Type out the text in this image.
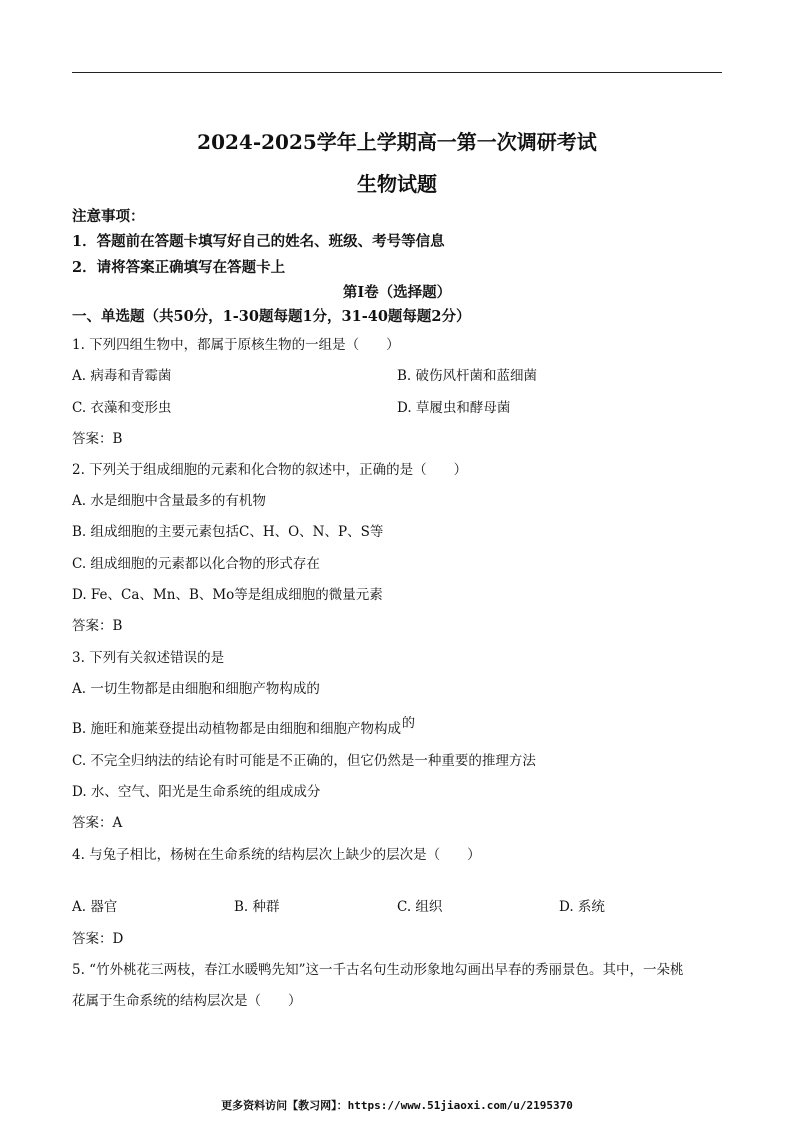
2024-2025学年上学期高一第一次调研考试
生物试题
注意事项：
1．答题前在答题卡填写好自己的姓名、班级、考号等信息
2．请将答案正确填写在答题卡上
第Ⅰ卷（选择题）
一、单选题（共50分，1-30题每题1分，31-40题每题2分）
1. 下列四组生物中，都属于原核生物的一组是（　　）
A. 病毒和青霉菌	B. 破伤风杆菌和蓝细菌
C. 衣藻和变形虫	D. 草履虫和酵母菌
答案：B
2. 下列关于组成细胞的元素和化合物的叙述中，正确的是（　　）
A. 水是细胞中含量最多的有机物
B. 组成细胞的主要元素包括C、H、O、N、P、S等
C. 组成细胞的元素都以化合物的形式存在
D. Fe、Ca、Mn、B、Mo等是组成细胞的微量元素
答案：B
3. 下列有关叙述错误的是
A. 一切生物都是由细胞和细胞产物构成的
B. 施旺和施莱登提出动植物都是由细胞和细胞产物构成的
C. 不完全归纳法的结论有时可能是不正确的，但它仍然是一种重要的推理方法
D. 水、空气、阳光是生命系统的组成成分
答案：A
4. 与兔子相比，杨树在生命系统的结构层次上缺少的层次是（　　）
A. 器官	B. 种群	C. 组织	D. 系统
答案：D
5. “竹外桃花三两枝，春江水暖鸭先知”这一千古名句生动形象地勾画出早春的秀丽景色。其中，一朵桃
花属于生命系统的结构层次是（　　）
更多资料访问【教习网】：https://www.51jiaoxi.com/u/2195370
